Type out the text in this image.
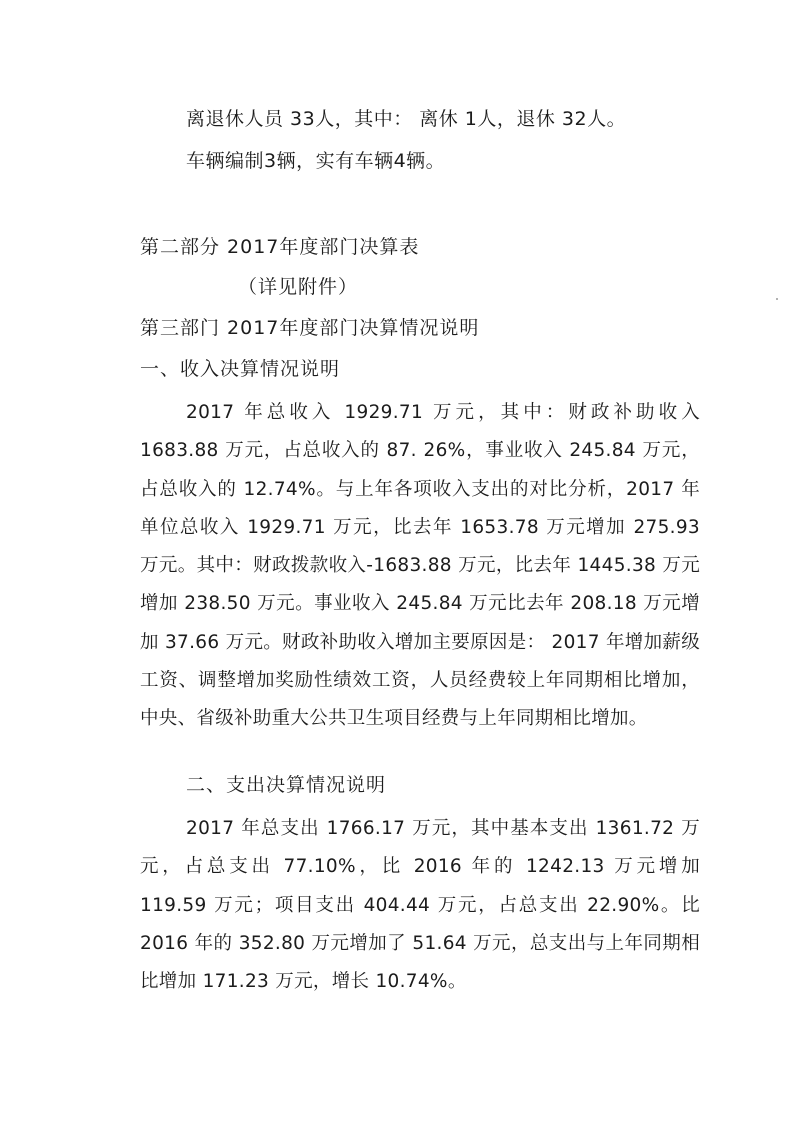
离退休人员 33人，其中： 离休 1人，退休 32人。
车辆编制3辆，实有车辆4辆。
第二部分 2017年度部门决算表
（详见附件）
第三部门 2017年度部门决算情况说明
一、收入决算情况说明
2017 年总收入 1929.71 万元，其中：财政补助收入 1683.88 万元，占总收入的 87. 26%，事业收入 245.84 万元，占总收入的 12.74%。与上年各项收入支出的对比分析，2017 年单位总收入 1929.71 万元，比去年 1653.78 万元增加 275.93 万元。其中：财政拨款收入-1683.88 万元，比去年 1445.38 万元增加 238.50 万元。事业收入 245.84 万元比去年 208.18 万元增加 37.66 万元。财政补助收入增加主要原因是： 2017 年增加薪级工资、调整增加奖励性绩效工资，人员经费较上年同期相比增加，中央、省级补助重大公共卫生项目经费与上年同期相比增加。
二、支出决算情况说明
2017 年总支出 1766.17 万元，其中基本支出 1361.72 万元，占总支出 77.10%，比 2016 年的 1242.13 万元增加 119.59 万元；项目支出 404.44 万元，占总支出 22.90%。比 2016 年的 352.80 万元增加了 51.64 万元，总支出与上年同期相比增加 171.23 万元，增长 10.74%。
